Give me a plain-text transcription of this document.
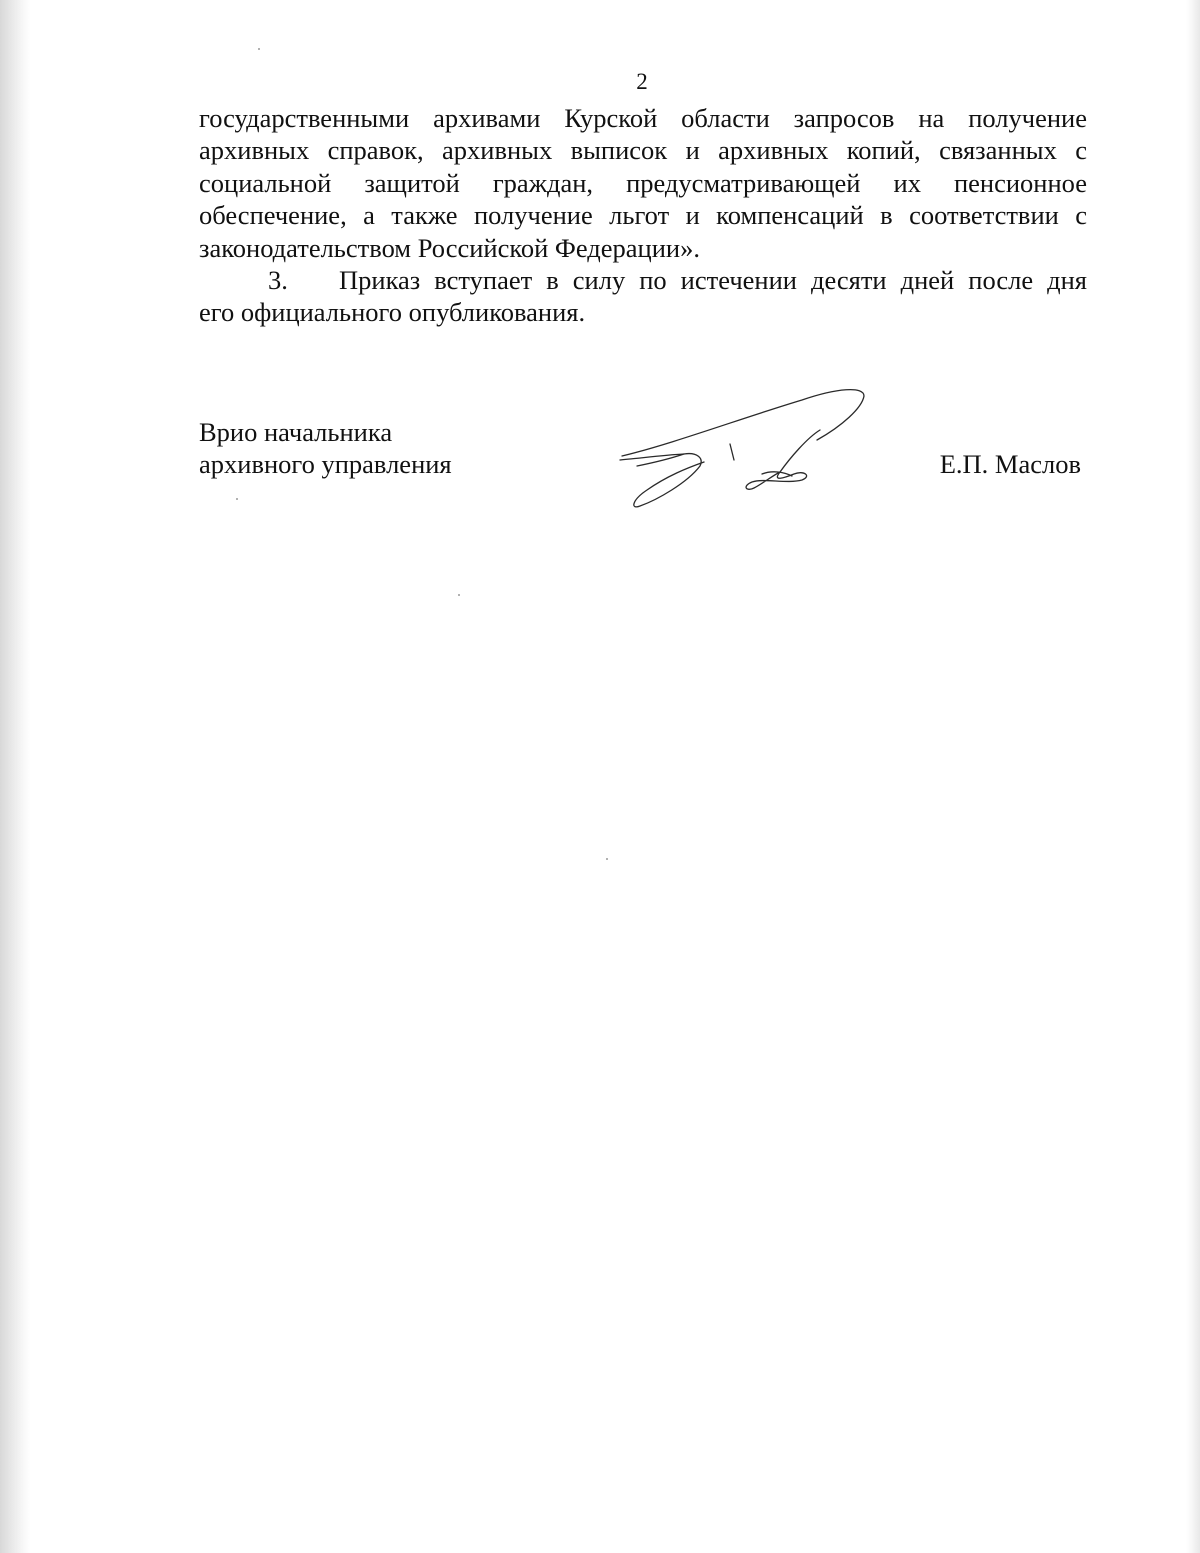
2
государственными архивами Курской области запросов на получение
архивных справок, архивных выписок и архивных копий, связанных с
социальной защитой граждан, предусматривающей их пенсионное
обеспечение, а также получение льгот и компенсаций в соответствии с
законодательством Российской Федерации».
3. Приказ вступает в силу по истечении десяти дней после дня
его официального опубликования.
Врио начальника
архивного управления	Е.П. Маслов
